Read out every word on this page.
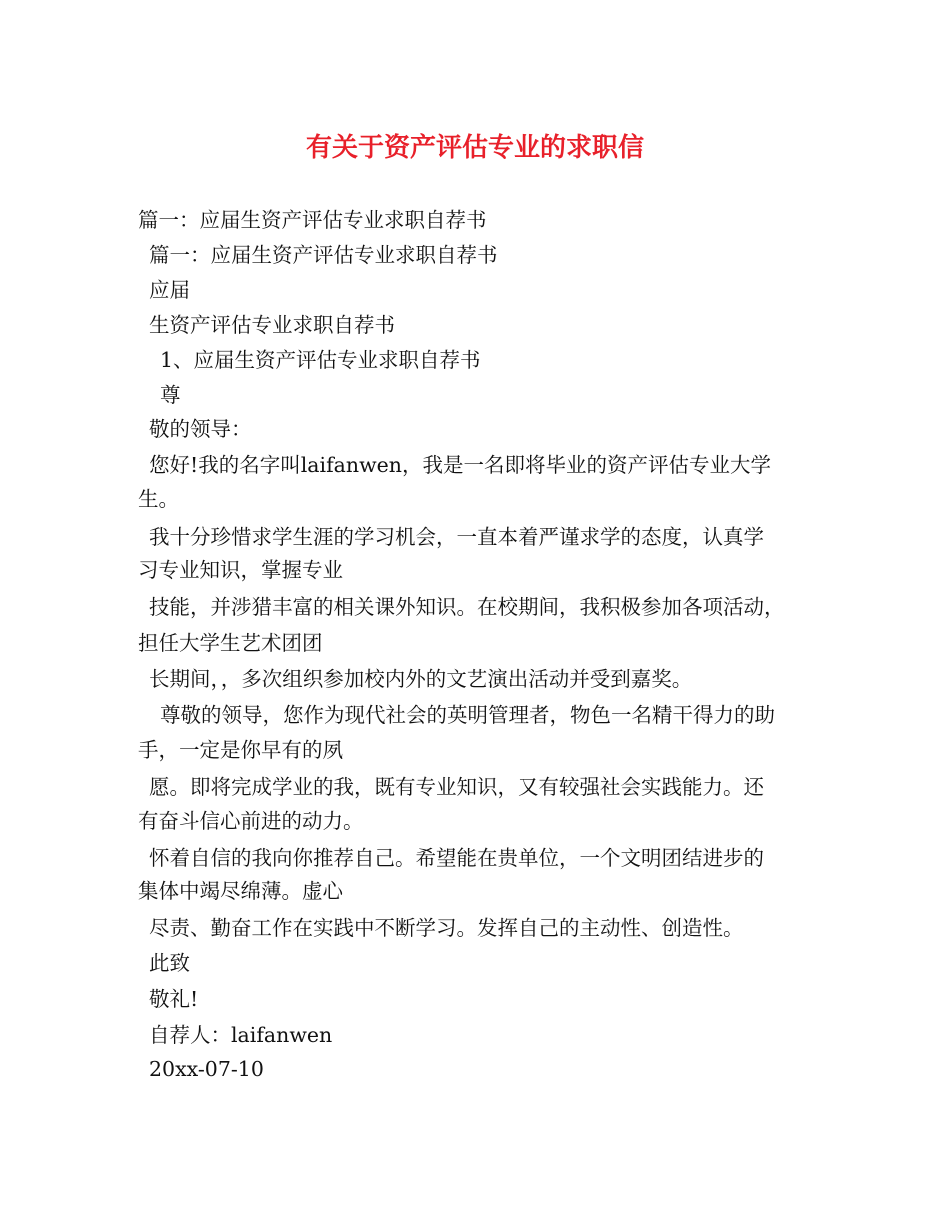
有关于资产评估专业的求职信
篇一：应届生资产评估专业求职自荐书
篇一：应届生资产评估专业求职自荐书
应届
生资产评估专业求职自荐书
1、应届生资产评估专业求职自荐书
尊
敬的领导：
您好!我的名字叫laifanwen，我是一名即将毕业的资产评估专业大学
生。
我十分珍惜求学生涯的学习机会，一直本着严谨求学的态度，认真学
习专业知识，掌握专业
技能，并涉猎丰富的相关课外知识。在校期间，我积极参加各项活动，
担任大学生艺术团团
长期间，，多次组织参加校内外的文艺演出活动并受到嘉奖。
尊敬的领导，您作为现代社会的英明管理者，物色一名精干得力的助
手，一定是你早有的夙
愿。即将完成学业的我，既有专业知识，又有较强社会实践能力。还
有奋斗信心前进的动力。
怀着自信的我向你推荐自己。希望能在贵单位，一个文明团结进步的
集体中竭尽绵薄。虚心
尽责、勤奋工作在实践中不断学习。发挥自己的主动性、创造性。
此致
敬礼!
自荐人：laifanwen
20xx-07-10
